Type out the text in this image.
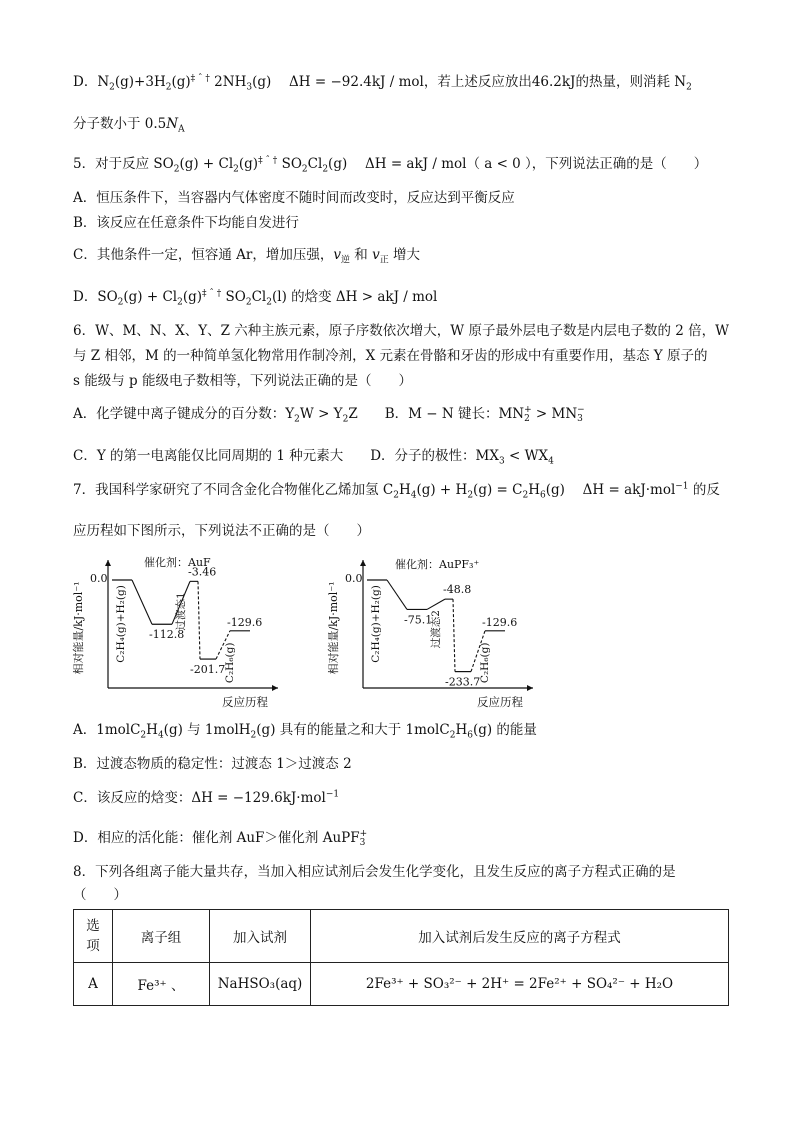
D．$N_2(g)+3H_2(g)^{\ddagger ˆ \dagger}$ $2NH_3(g)$　 ΔH = −92.4kJ / mol，若上述反应放出46.2kJ的热量，则消耗 $N_2$
分子数小于 $0.5N_A$
5．对于反应 $SO_2(g) + Cl_2(g)^{\ddagger ˆ \dagger}$ $SO_2Cl_2(g)$　 ΔH = akJ / mol（ a < 0 ），下列说法正确的是（　　）
A．恒压条件下，当容器内气体密度不随时间而改变时，反应达到平衡反应
B．该反应在任意条件下均能自发进行
C．其他条件一定，恒容通 Ar，增加压强，$v_逆$ 和 $v_正$ 增大
D．$SO_2(g) + Cl_2(g)^{\ddagger ˆ \dagger}$ $SO_2Cl_2(l)$ 的焓变 ΔH > akJ / mol
6．W、M、N、X、Y、Z 六种主族元素，原子序数依次增大，W 原子最外层电子数是内层电子数的 2 倍，W
与 Z 相邻，M 的一种简单氢化物常用作制冷剂，X 元素在骨骼和牙齿的形成中有重要作用，基态 Y 原子的
s 能级与 p 能级电子数相等，下列说法正确的是（　　）
A．化学键中离子键成分的百分数：$Y_2W > Y_2Z$　　B．M − N 键长：MN +
2 > MN −
3
C．Y 的第一电离能仅比同周期的 1 种元素大　　D．分子的极性：$MX_3 < WX_4$
7．我国科学家研究了不同含金化合物催化乙烯加氢 $C_2H_4(g) + H_2(g) = C_2H_6(g)$　 ΔH = akJ·mol$^{-1}$ 的反
应历程如下图所示，下列说法不正确的是（　　）
催化剂：AuF
0.0
-112.8
-3.46
-201.7
-129.6
C₂H₄(g)+H₂(g)	过渡态1
C₂H₆(g)
相对能量/kJ·mol⁻¹
反应历程
催化剂：AuPF₃⁺
0.0
-75.1
-48.8
-233.7
-129.6
C₂H₄(g)+H₂(g)	过渡态2
C₂H₆(g)
相对能量/kJ·mol⁻¹
反应历程
A．$1molC_2H_4(g)$ 与 1molH$_2$(g) 具有的能量之和大于 $1molC_2H_6(g)$ 的能量
B．过渡态物质的稳定性：过渡态 1＞过渡态 2
C．该反应的焓变：ΔH = −129.6kJ·mol$^{-1}$
D．相应的活化能：催化剂 AuF＞催化剂 AuPF +
3
8．下列各组离子能大量共存，当加入相应试剂后会发生化学变化，且发生反应的离子方程式正确的是
（　　）
选
项	离子组	加入试剂	加入试剂后发生反应的离子方程式
A	Fe³⁺ 、	NaHSO₃(aq)	2Fe³⁺ + SO₃²⁻ + 2H⁺ = 2Fe²⁺ + SO₄²⁻ + H₂O
